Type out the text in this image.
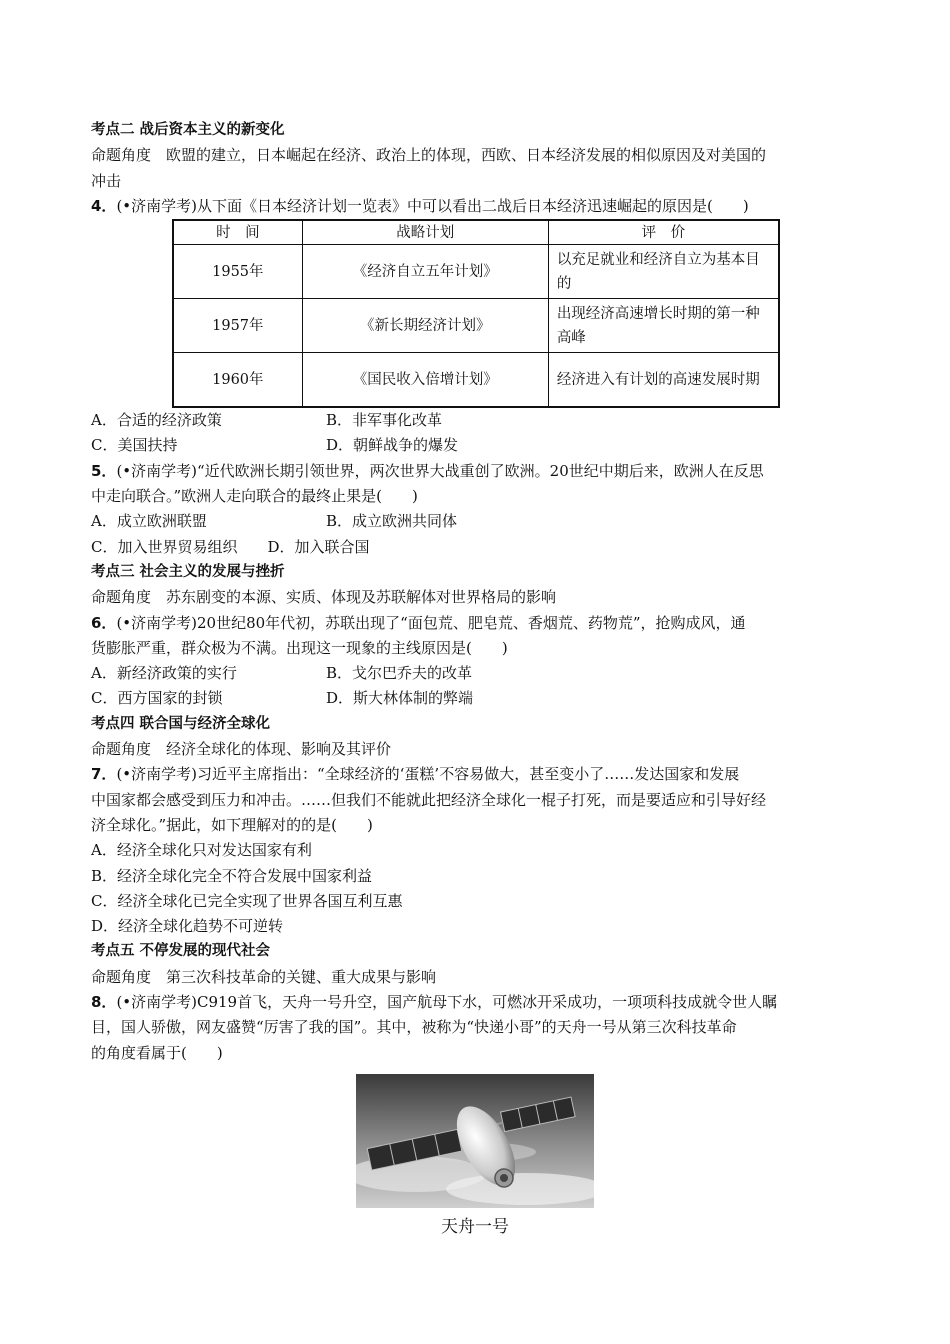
考点二 战后资本主义的新变化
命题角度　欧盟的建立，日本崛起在经济、政治上的体现，西欧、日本经济发展的相似原因及对美国的
冲击
4．(•济南学考)从下面《日本经济计划一览表》中可以看出二战后日本经济迅速崛起的原因是(　　)
时　间	战略计划	评　价
1955年	《经济自立五年计划》	以充足就业和经济自立为基本目的
1957年	《新长期经济计划》	出现经济高速增长时期的第一种高峰
1960年	《国民收入倍增计划》	经济进入有计划的高速发展时期
A．合适的经济政策	B．非军事化改革
C．美国扶持	D．朝鲜战争的爆发
5．(•济南学考)“近代欧洲长期引领世界，两次世界大战重创了欧洲。20世纪中期后来，欧洲人在反思
中走向联合。”欧洲人走向联合的最终止果是(　　)
A．成立欧洲联盟	B．成立欧洲共同体
C．加入世界贸易组织　　D．加入联合国
考点三 社会主义的发展与挫折
命题角度　苏东剧变的本源、实质、体现及苏联解体对世界格局的影响
6．(•济南学考)20世纪80年代初，苏联出现了“面包荒、肥皂荒、香烟荒、药物荒”，抢购成风，通
货膨胀严重，群众极为不满。出现这一现象的主线原因是(　　)
A．新经济政策的实行	B．戈尔巴乔夫的改革
C．西方国家的封锁	D．斯大林体制的弊端
考点四 联合国与经济全球化
命题角度　经济全球化的体现、影响及其评价
7．(•济南学考)习近平主席指出：“全球经济的‘蛋糕’不容易做大，甚至变小了……发达国家和发展
中国家都会感受到压力和冲击。……但我们不能就此把经济全球化一棍子打死，而是要适应和引导好经
济全球化。”据此，如下理解对的的是(　　)
A．经济全球化只对发达国家有利
B．经济全球化完全不符合发展中国家利益
C．经济全球化已完全实现了世界各国互利互惠
D．经济全球化趋势不可逆转
考点五 不停发展的现代社会
命题角度　第三次科技革命的关键、重大成果与影响
8．(•济南学考)C919首飞，天舟一号升空，国产航母下水，可燃冰开采成功，一项项科技成就令世人瞩
目，国人骄傲，网友盛赞“厉害了我的国”。其中，被称为“快递小哥”的天舟一号从第三次科技革命
的角度看属于(　　)
天舟一号
